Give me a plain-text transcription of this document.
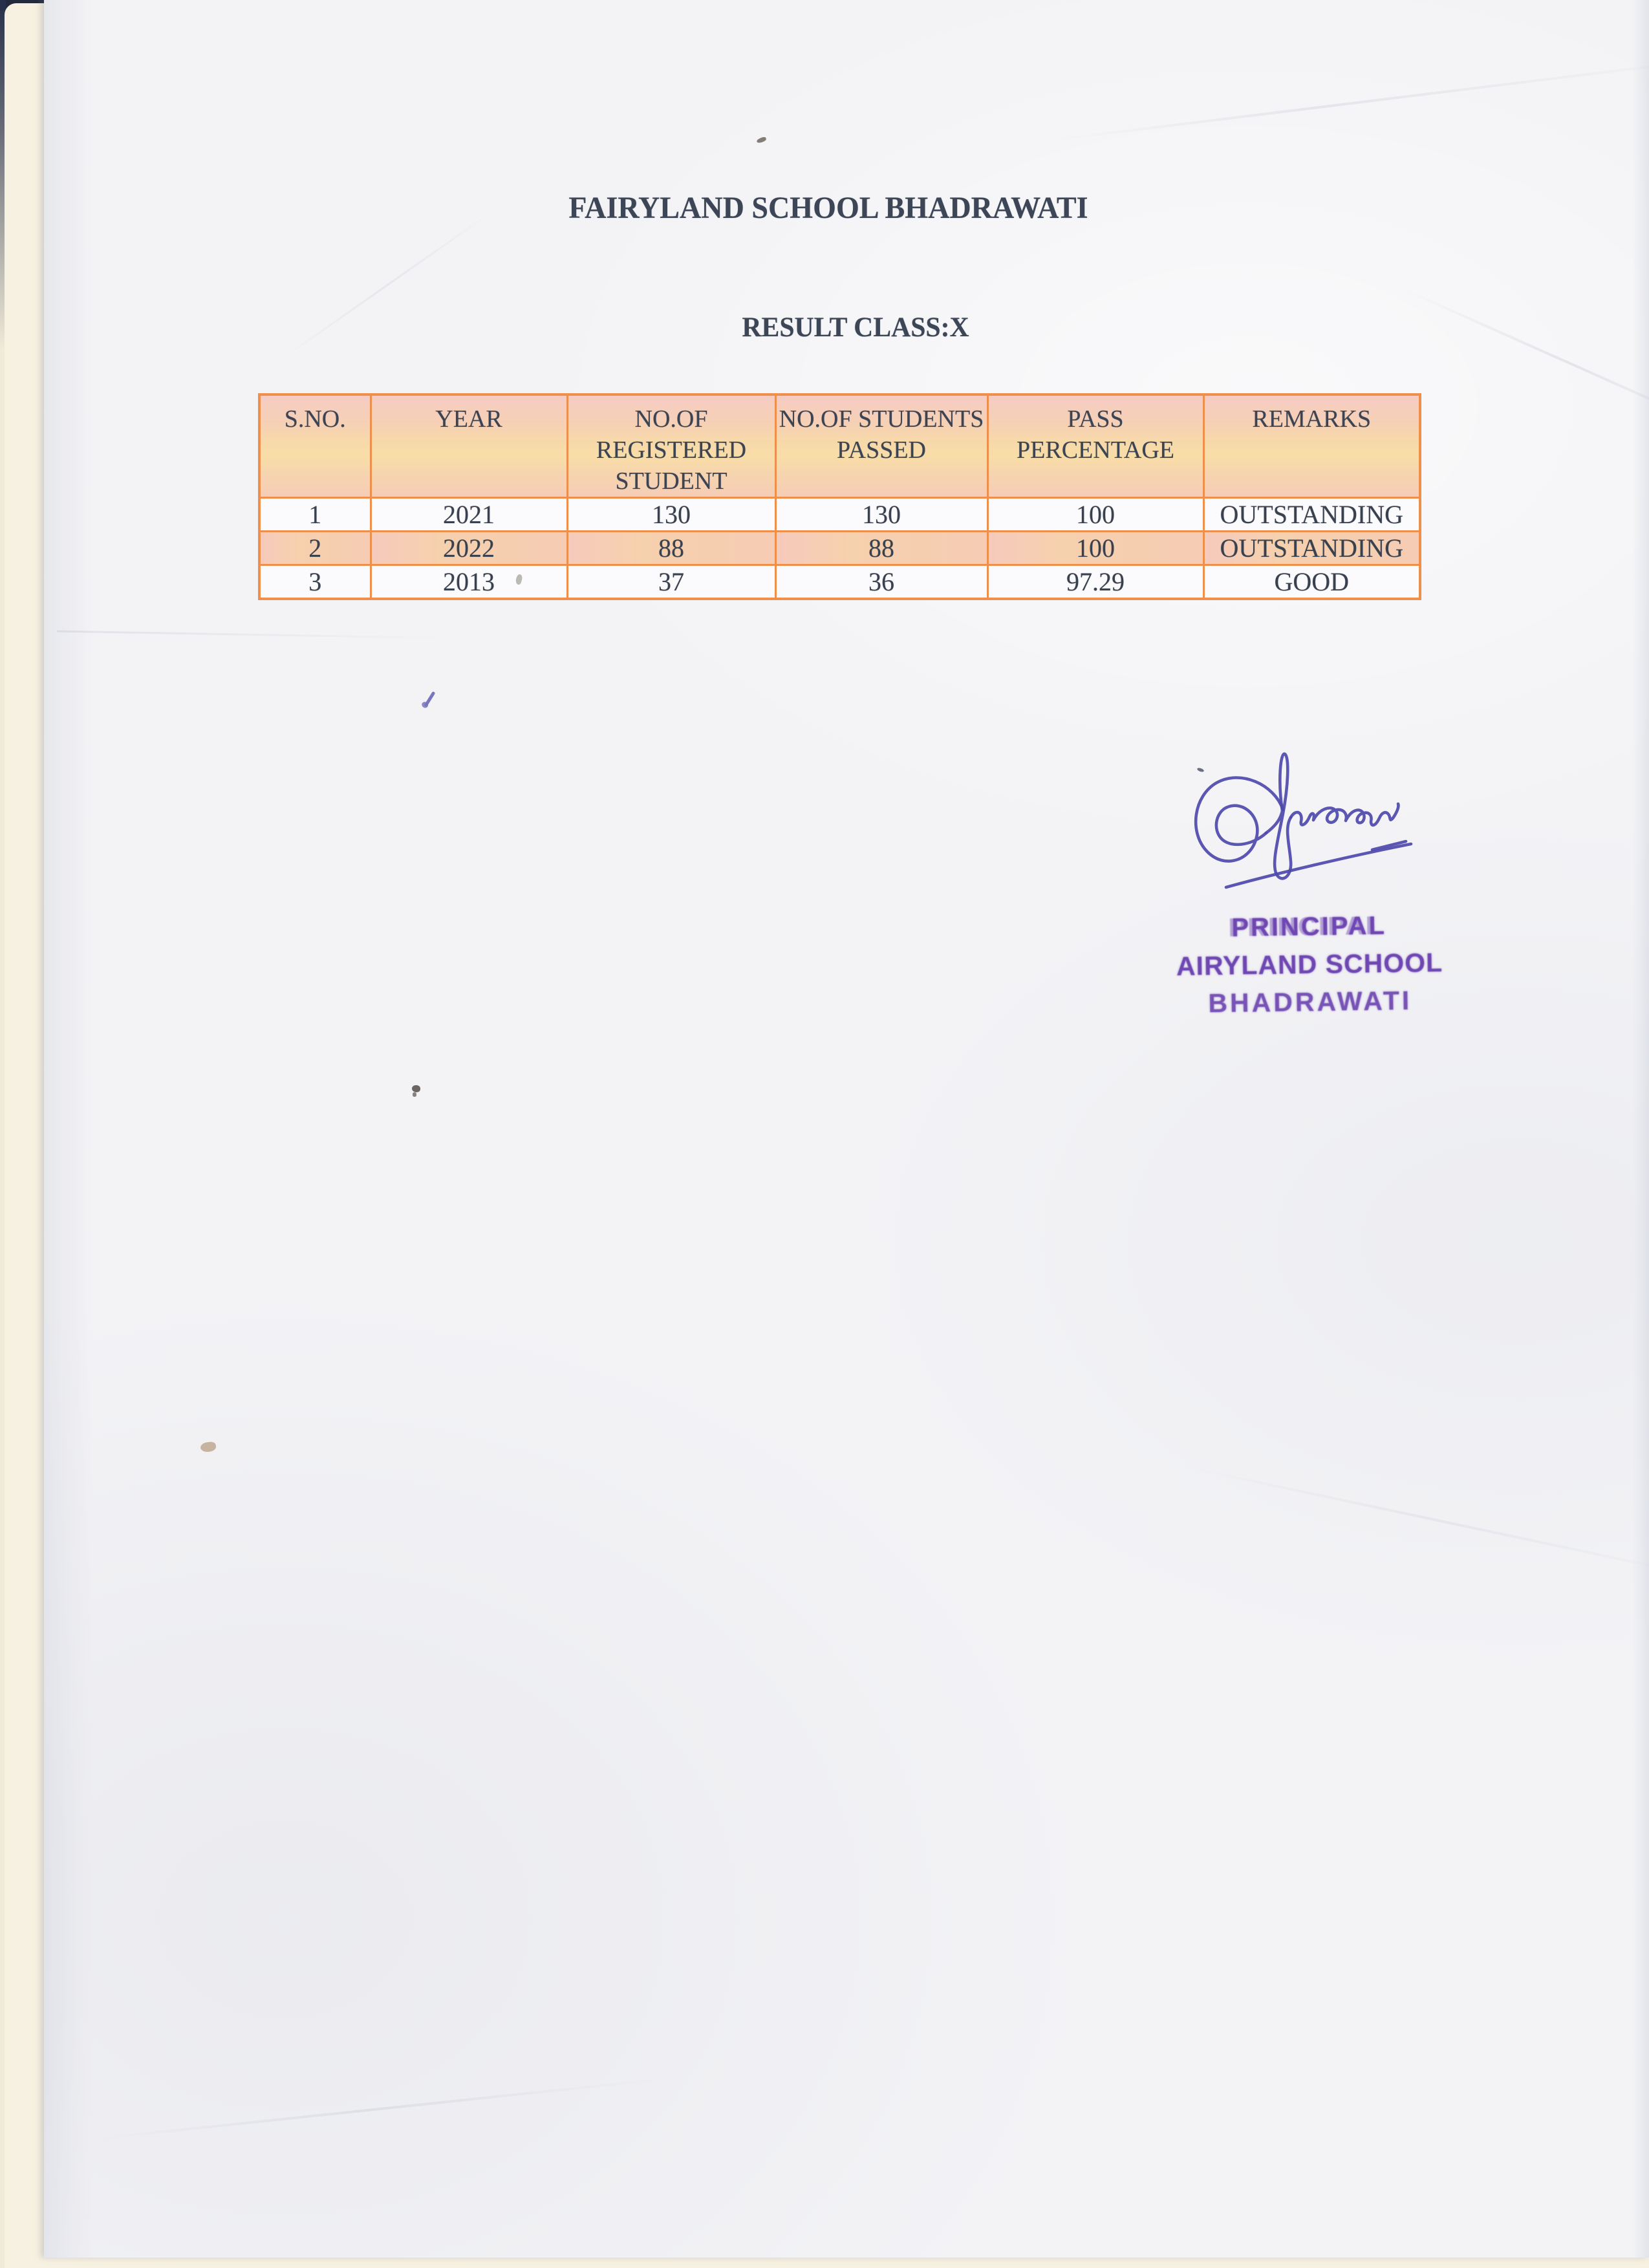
FAIRYLAND SCHOOL BHADRAWATI
RESULT CLASS:X
S.NO.	YEAR	NO.OF REGISTERED STUDENT	NO.OF STUDENTS PASSED	PASS PERCENTAGE	REMARKS
1	2021	130	130	100	OUTSTANDING
2	2022	88	88	100	OUTSTANDING
3	2013	37	36	97.29	GOOD
PRINCIPAL
AIRYLAND SCHOOL
BHADRAWATI
